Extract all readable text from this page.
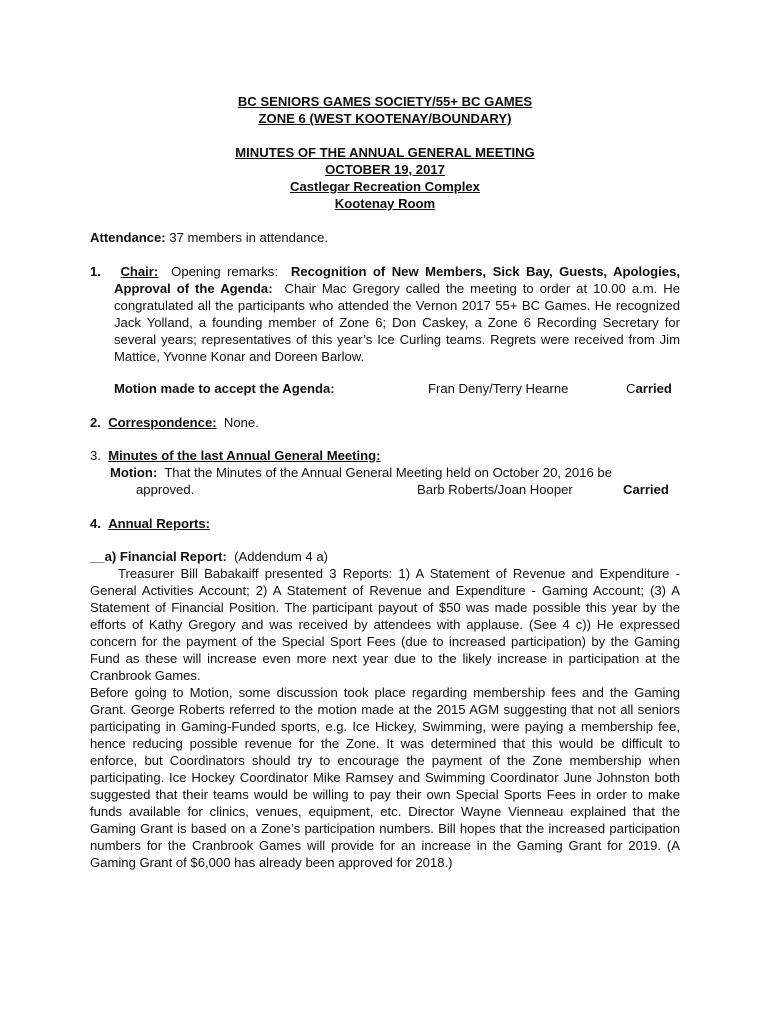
BC SENIORS GAMES SOCIETY/55+ BC GAMES
ZONE 6 (WEST KOOTENAY/BOUNDARY)
MINUTES OF THE ANNUAL GENERAL MEETING
OCTOBER 19, 2017
Castlegar Recreation Complex
Kootenay Room
Attendance: 37 members in attendance.
1.	Chair: Opening remarks: Recognition of New Members, Sick Bay, Guests, Apologies, Approval of the Agenda: Chair Mac Gregory called the meeting to order at 10.00 a.m. He congratulated all the participants who attended the Vernon 2017 55+ BC Games. He recognized Jack Yolland, a founding member of Zone 6; Don Caskey, a Zone 6 Recording Secretary for several years; representatives of this year’s Ice Curling teams. Regrets were received from Jim Mattice, Yvonne Konar and Doreen Barlow.

Motion made to accept the Agenda:	Fran Deny/Terry Hearne	Carried
2. Correspondence: None.
3. Minutes of the last Annual General Meeting:
Motion: That the Minutes of the Annual General Meeting held on October 20, 2016 be
approved.	Barb Roberts/Joan Hooper	Carried
4. Annual Reports:
__a) Financial Report: (Addendum 4 a)

Treasurer Bill Babakaiff presented 3 Reports: 1) A Statement of Revenue and Expenditure - General Activities Account; 2) A Statement of Revenue and Expenditure - Gaming Account; (3) A Statement of Financial Position. The participant payout of $50 was made possible this year by the efforts of Kathy Gregory and was received by attendees with applause. (See 4 c)) He expressed concern for the payment of the Special Sport Fees (due to increased participation) by the Gaming Fund as these will increase even more next year due to the likely increase in participation at the Cranbrook Games.

Before going to Motion, some discussion took place regarding membership fees and the Gaming Grant. George Roberts referred to the motion made at the 2015 AGM suggesting that not all seniors participating in Gaming-Funded sports, e.g. Ice Hickey, Swimming, were paying a membership fee, hence reducing possible revenue for the Zone. It was determined that this would be difficult to enforce, but Coordinators should try to encourage the payment of the Zone membership when participating. Ice Hockey Coordinator Mike Ramsey and Swimming Coordinator June Johnston both suggested that their teams would be willing to pay their own Special Sports Fees in order to make funds available for clinics, venues, equipment, etc. Director Wayne Vienneau explained that the Gaming Grant is based on a Zone’s participation numbers. Bill hopes that the increased participation numbers for the Cranbrook Games will provide for an increase in the Gaming Grant for 2019. (A Gaming Grant of $6,000 has already been approved for 2018.)
